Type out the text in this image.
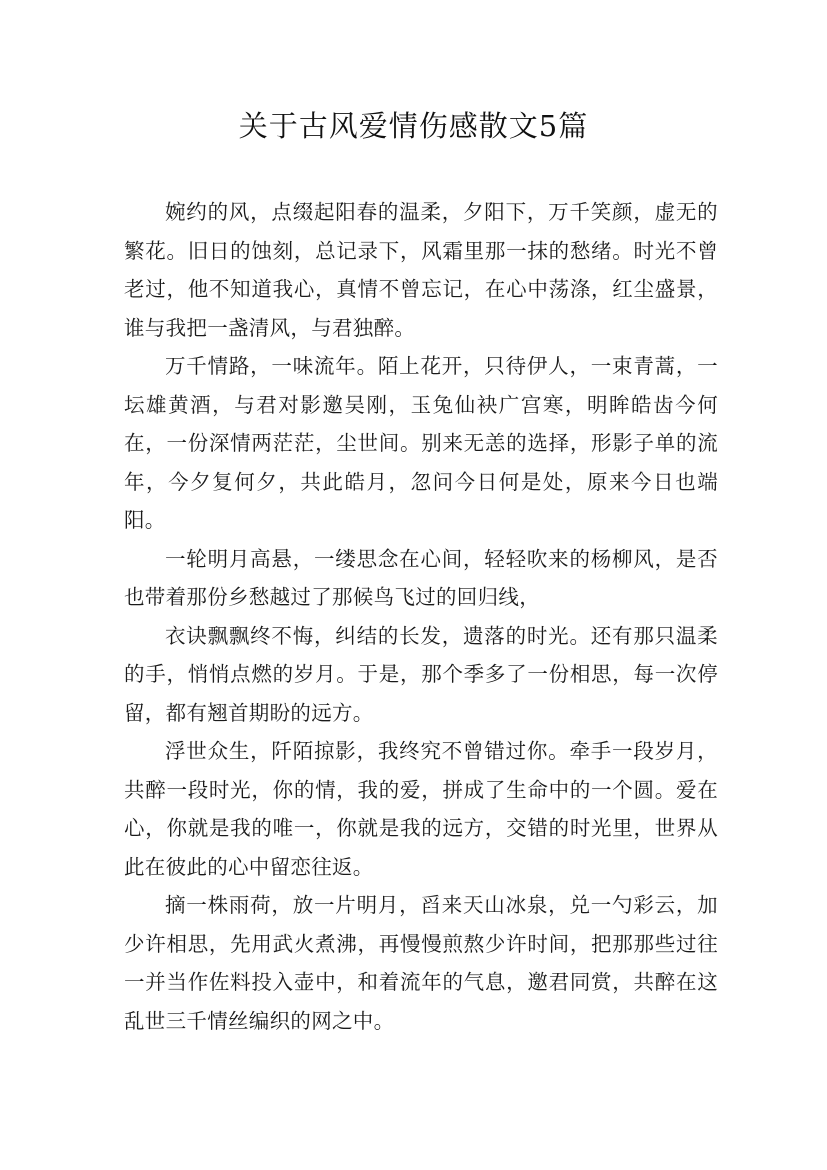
关于古风爱情伤感散文5篇

婉约的风，点缀起阳春的温柔，夕阳下，万千笑颜，虚无的繁花。旧日的蚀刻，总记录下，风霜里那一抹的愁绪。时光不曾老过，他不知道我心，真情不曾忘记，在心中荡涤，红尘盛景，谁与我把一盏清风，与君独醉。

万千情路，一味流年。陌上花开，只待伊人，一束青蒿，一坛雄黄酒，与君对影邀吴刚，玉兔仙袂广宫寒，明眸皓齿今何在，一份深情两茫茫，尘世间。别来无恙的选择，形影子单的流年，今夕复何夕，共此皓月，忽问今日何是处，原来今日也端阳。

一轮明月高悬，一缕思念在心间，轻轻吹来的杨柳风，是否也带着那份乡愁越过了那候鸟飞过的回归线，

衣诀飘飘终不悔，纠结的长发，遗落的时光。还有那只温柔的手，悄悄点燃的岁月。于是，那个季多了一份相思，每一次停留，都有翘首期盼的远方。

浮世众生，阡陌掠影，我终究不曾错过你。牵手一段岁月，共醉一段时光，你的情，我的爱，拼成了生命中的一个圆。爱在心，你就是我的唯一，你就是我的远方，交错的时光里，世界从此在彼此的心中留恋往返。

摘一株雨荷，放一片明月，舀来天山冰泉，兑一勺彩云，加少许相思，先用武火煮沸，再慢慢煎熬少许时间，把那那些过往一并当作佐料投入壶中，和着流年的气息，邀君同赏，共醉在这乱世三千情丝编织的网之中。
